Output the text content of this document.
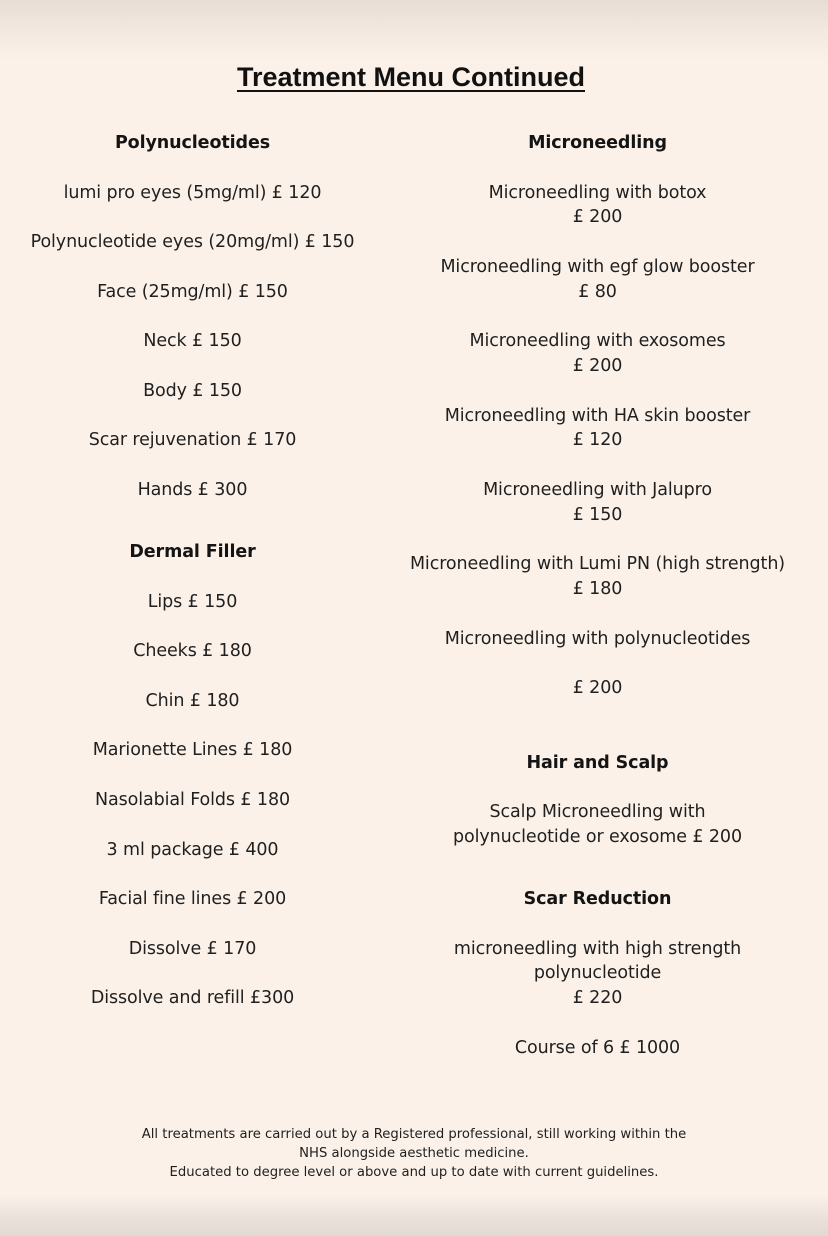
Treatment Menu Continued
Polynucleotides
lumi pro eyes (5mg/ml) £ 120
Polynucleotide eyes (20mg/ml) £ 150
Face (25mg/ml) £ 150
Neck £ 150
Body £ 150
Scar rejuvenation £ 170
Hands £ 300
Dermal Filler
Lips £ 150
Cheeks £ 180
Chin £ 180
Marionette Lines £ 180
Nasolabial Folds £ 180
3 ml package £ 400
Facial fine lines £ 200
Dissolve £ 170
Dissolve and refill £300
Microneedling
Microneedling with botox
£ 200
Microneedling with egf glow booster
£ 80
Microneedling with exosomes
£ 200
Microneedling with HA skin booster
£ 120
Microneedling with Jalupro
£ 150
Microneedling with Lumi PN (high strength)
£ 180
Microneedling with polynucleotides
£ 200
Hair and Scalp
Scalp Microneedling with
polynucleotide or exosome £ 200
Scar Reduction
microneedling with high strength
polynucleotide
£ 220
Course of 6 £ 1000
All treatments are carried out by a Registered professional, still working within the
NHS alongside aesthetic medicine.
Educated to degree level or above and up to date with current guidelines.
